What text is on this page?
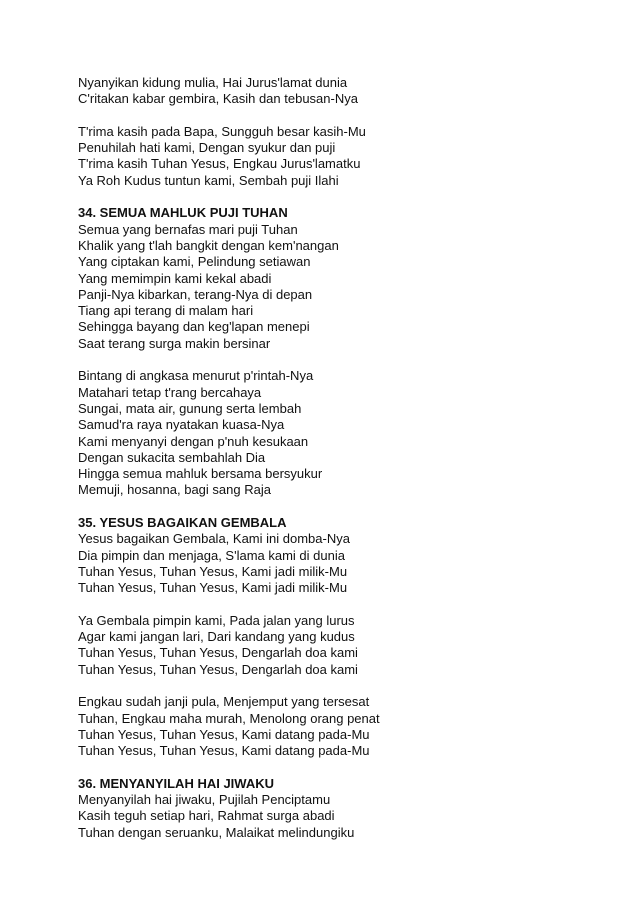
Nyanyikan kidung mulia, Hai Jurus'lamat dunia
C'ritakan kabar gembira, Kasih dan tebusan-Nya
T'rima kasih pada Bapa, Sungguh besar kasih-Mu
Penuhilah hati kami, Dengan syukur dan puji
T'rima kasih Tuhan Yesus, Engkau Jurus'lamatku
Ya Roh Kudus tuntun kami, Sembah puji Ilahi
34. SEMUA MAHLUK PUJI TUHAN
Semua yang bernafas mari puji Tuhan
Khalik yang t'lah bangkit dengan kem'nangan
Yang ciptakan kami, Pelindung setiawan
Yang memimpin kami kekal abadi
Panji-Nya kibarkan, terang-Nya di depan
Tiang api terang di malam hari
Sehingga bayang dan keg'lapan menepi
Saat terang surga makin bersinar
Bintang di angkasa menurut p'rintah-Nya
Matahari tetap t'rang bercahaya
Sungai, mata air, gunung serta lembah
Samud'ra raya nyatakan kuasa-Nya
Kami menyanyi dengan p'nuh kesukaan
Dengan sukacita sembahlah Dia
Hingga semua mahluk bersama bersyukur
Memuji, hosanna, bagi sang Raja
35. YESUS BAGAIKAN GEMBALA
Yesus bagaikan Gembala, Kami ini domba-Nya
Dia pimpin dan menjaga, S'lama kami di dunia
Tuhan Yesus, Tuhan Yesus, Kami jadi milik-Mu
Tuhan Yesus, Tuhan Yesus, Kami jadi milik-Mu
Ya Gembala pimpin kami, Pada jalan yang lurus
Agar kami jangan lari, Dari kandang yang kudus
Tuhan Yesus, Tuhan Yesus, Dengarlah doa kami
Tuhan Yesus, Tuhan Yesus, Dengarlah doa kami
Engkau sudah janji pula, Menjemput yang tersesat
Tuhan, Engkau maha murah, Menolong orang penat
Tuhan Yesus, Tuhan Yesus, Kami datang pada-Mu
Tuhan Yesus, Tuhan Yesus, Kami datang pada-Mu
36. MENYANYILAH HAI JIWAKU
Menyanyilah hai jiwaku, Pujilah Penciptamu
Kasih teguh setiap hari, Rahmat surga abadi
Tuhan dengan seruanku, Malaikat melindungiku
